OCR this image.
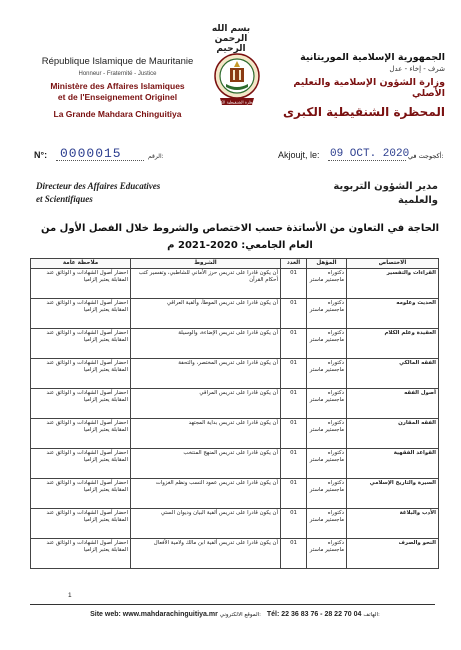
بسم الله الرحمن الرحيم
République Islamique de Mauritanie
Honneur - Fraternité - Justice
Ministère des Affaires Islamiques
et de l'Enseignement Originel
La Grande Mahdara Chinguitiya
المحظرة الشنقيطية الكبرى
الجمهورية الإسلامية الموريتانية
شرف - إخاء - عدل
وزارة الشؤون الإسلامية والتعليم الأصلي
المحظرة الشنقيطية الكبرى
N°: 0000015	الرقم:	Akjoujt, le: 09 OCT. 2020
أكجوجت في:
Directeur des Affaires Educatives
et Scientifiques
مدير الشؤون التربوية
والعلمية
الحاجة في التعاون من الأساتذة حسب الاختصاص والشروط خلال الفصل الأول من
العام الجامعي: 2020-2021 م
ملاحظة عامة	الشروط	العدد	المؤهل	الاختصاص
احضار أصول الشهادات و الوثائق عند المقابلة يعتبر إلزاميا	أن يكون قادرا على تدريس حرز الأماني للشاطبي، وتفسير كتب أحكام القرآن	01	دكتوراه ماجستير ماستر	القراءات والتفسير
احضار أصول الشهادات و الوثائق عند المقابلة يعتبر إلزاميا	أن يكون قادرا على تدريس الموطأ، وألفية العراقي	01	دكتوراه ماجستير ماستر	الحديث وعلومه
احضار أصول الشهادات و الوثائق عند المقابلة يعتبر إلزاميا	أن يكون قادرا على تدريس الإضاءة، والوسيلة	01	دكتوراه ماجستير ماستر	العقيدة وعلم الكلام
احضار أصول الشهادات و الوثائق عند المقابلة يعتبر إلزاميا	أن يكون قادرا على تدريس المختصر، والتحفة	01	دكتوراه ماجستير ماستر	الفقه المالكي
احضار أصول الشهادات و الوثائق عند المقابلة يعتبر إلزاميا	أن يكون قادرا على تدريس المراقي	01	دكتوراه ماجستير ماستر	أصول الفقه
احضار أصول الشهادات و الوثائق عند المقابلة يعتبر إلزاميا	أن يكون قادرا على تدريس بداية المجتهد	01	دكتوراه ماجستير ماستر	الفقه المقارن
احضار أصول الشهادات و الوثائق عند المقابلة يعتبر إلزاميا	أن يكون قادرا على تدريس المنهج المنتخب	01	دكتوراه ماجستير ماستر	القواعد الفقهية
احضار أصول الشهادات و الوثائق عند المقابلة يعتبر إلزاميا	أن يكون قادرا على تدريس عمود النسب ونظم الغزوات	01	دكتوراه ماجستير ماستر	السيرة والتاريخ الإسلامي
احضار أصول الشهادات و الوثائق عند المقابلة يعتبر إلزاميا	أن يكون قادرا على تدريس ألفية البيان وديوان الستي	01	دكتوراه ماجستير ماستر	الأدب والبلاغة
احضار أصول الشهادات و الوثائق عند المقابلة يعتبر إلزاميا	أن يكون قادرا على تدريس ألفية ابن مالك ولامية الأفعال	01	دكتوراه ماجستير ماستر	النحو والصرف
1
Site web: www.mahdarachinguitiya.mr الموقع الالكتروني: Tél: 22 36 83 76 - 28 22 70 04 الهاتف:
